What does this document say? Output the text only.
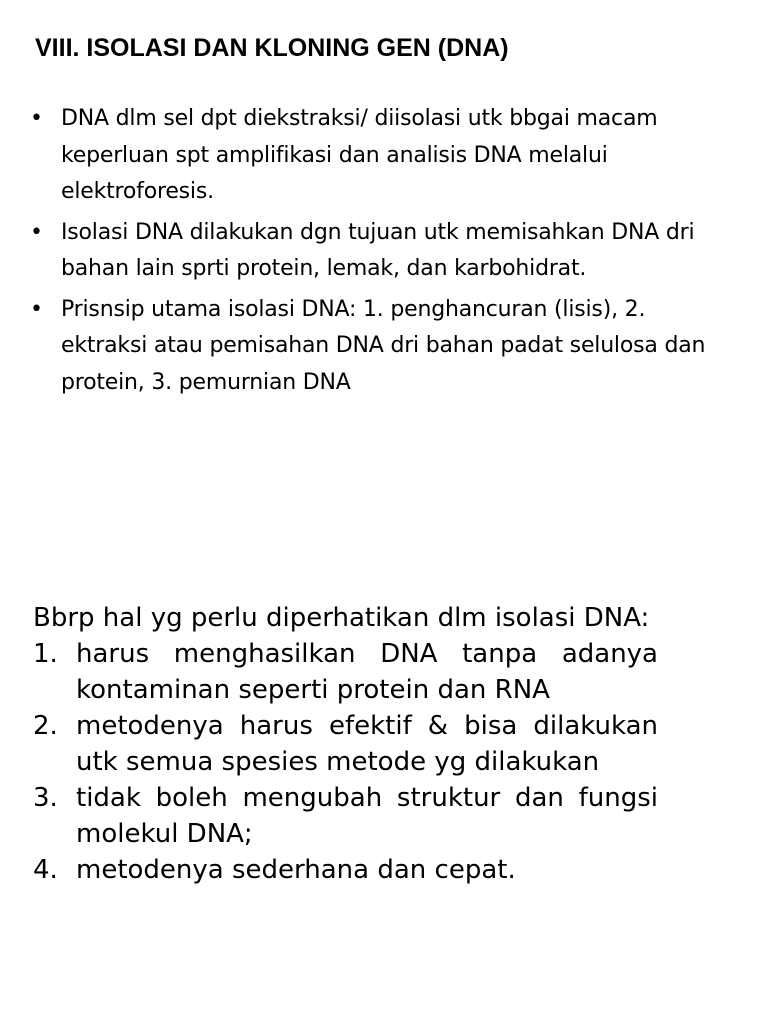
VIII. ISOLASI DAN KLONING GEN (DNA)
• DNA dlm sel dpt diekstraksi/ diisolasi utk bbgai macam keperluan spt amplifikasi dan analisis DNA melalui elektroforesis.
• Isolasi DNA dilakukan dgn tujuan utk memisahkan DNA dri bahan lain sprti protein, lemak, dan karbohidrat.
• Prisnsip utama isolasi DNA: 1. penghancuran (lisis), 2. ektraksi atau pemisahan DNA dri bahan padat selulosa dan protein, 3. pemurnian DNA

Bbrp hal yg perlu diperhatikan dlm isolasi DNA:

1. harus menghasilkan DNA tanpa adanya kontaminan seperti protein dan RNA
2. metodenya harus efektif & bisa dilakukan utk semua spesies metode yg dilakukan
3. tidak boleh mengubah struktur dan fungsi molekul DNA;
4. metodenya sederhana dan cepat.
